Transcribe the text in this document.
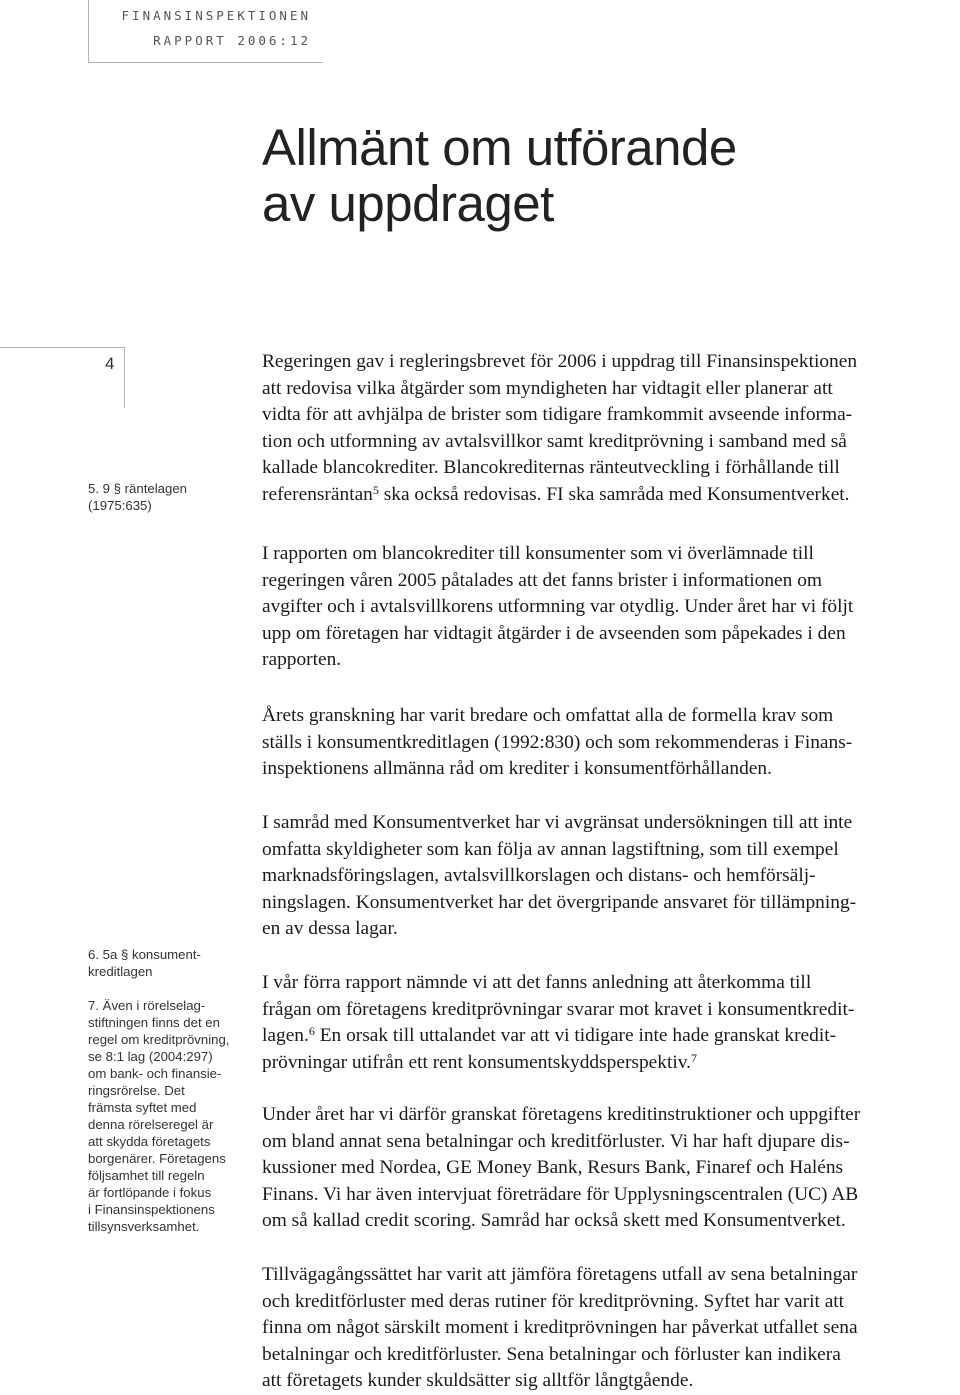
FINANSINSPEKTIONEN
RAPPORT 2006:12
Allmänt om utförande
av uppdraget
4

5. 9 § räntelagen
(1975:635)

6. 5a § konsument-
kreditlagen

7. Även i rörelselag-
stiftningen finns det en
regel om kreditprövning,
se 8:1 lag (2004:297)
om bank- och finansie-
ringsrörelse. Det
främsta syftet med
denna rörelseregel är
att skydda företagets
borgenärer. Företagens
följsamhet till regeln
är fortlöpande i fokus
i Finansinspektionens
tillsynsverksamhet.

Regeringen gav i regleringsbrevet för 2006 i uppdrag till Finansinspektionen
att redovisa vilka åtgärder som myndigheten har vidtagit eller planerar att
vidta för att avhjälpa de brister som tidigare framkommit avseende informa-
tion och utformning av avtalsvillkor samt kreditprövning i samband med så
kallade blancokrediter. Blancokrediternas ränteutveckling i förhållande till
referensräntan$^5$ ska också redovisas. FI ska samråda med Konsumentverket.

I rapporten om blancokrediter till konsumenter som vi överlämnade till
regeringen våren 2005 påtalades att det fanns brister i informationen om
avgifter och i avtalsvillkorens utformning var otydlig. Under året har vi följt
upp om företagen har vidtagit åtgärder i de avseenden som påpekades i den
rapporten.

Årets granskning har varit bredare och omfattat alla de formella krav som
ställs i konsumentkreditlagen (1992:830) och som rekommenderas i Finans-
inspektionens allmänna råd om krediter i konsumentförhållanden.

I samråd med Konsumentverket har vi avgränsat undersökningen till att inte
omfatta skyldigheter som kan följa av annan lagstiftning, som till exempel
marknadsföringslagen, avtalsvillkorslagen och distans- och hemförsälj-
ningslagen. Konsumentverket har det övergripande ansvaret för tillämpning-
en av dessa lagar.

I vår förra rapport nämnde vi att det fanns anledning att återkomma till
frågan om företagens kreditprövningar svarar mot kravet i konsumentkredit-
lagen.$^6$ En orsak till uttalandet var att vi tidigare inte hade granskat kredit-
prövningar utifrån ett rent konsumentskyddsperspektiv.$^7$

Under året har vi därför granskat företagens kreditinstruktioner och uppgifter
om bland annat sena betalningar och kreditförluster. Vi har haft djupare dis-
kussioner med Nordea, GE Money Bank, Resurs Bank, Finaref och Haléns
Finans. Vi har även intervjuat företrädare för Upplysningscentralen (UC) AB
om så kallad credit scoring. Samråd har också skett med Konsumentverket.

Tillvägagångssättet har varit att jämföra företagens utfall av sena betalningar
och kreditförluster med deras rutiner för kreditprövning. Syftet har varit att
finna om något särskilt moment i kreditprövningen har påverkat utfallet sena
betalningar och kreditförluster. Sena betalningar och förluster kan indikera
att företagets kunder skuldsätter sig alltför långtgående.
